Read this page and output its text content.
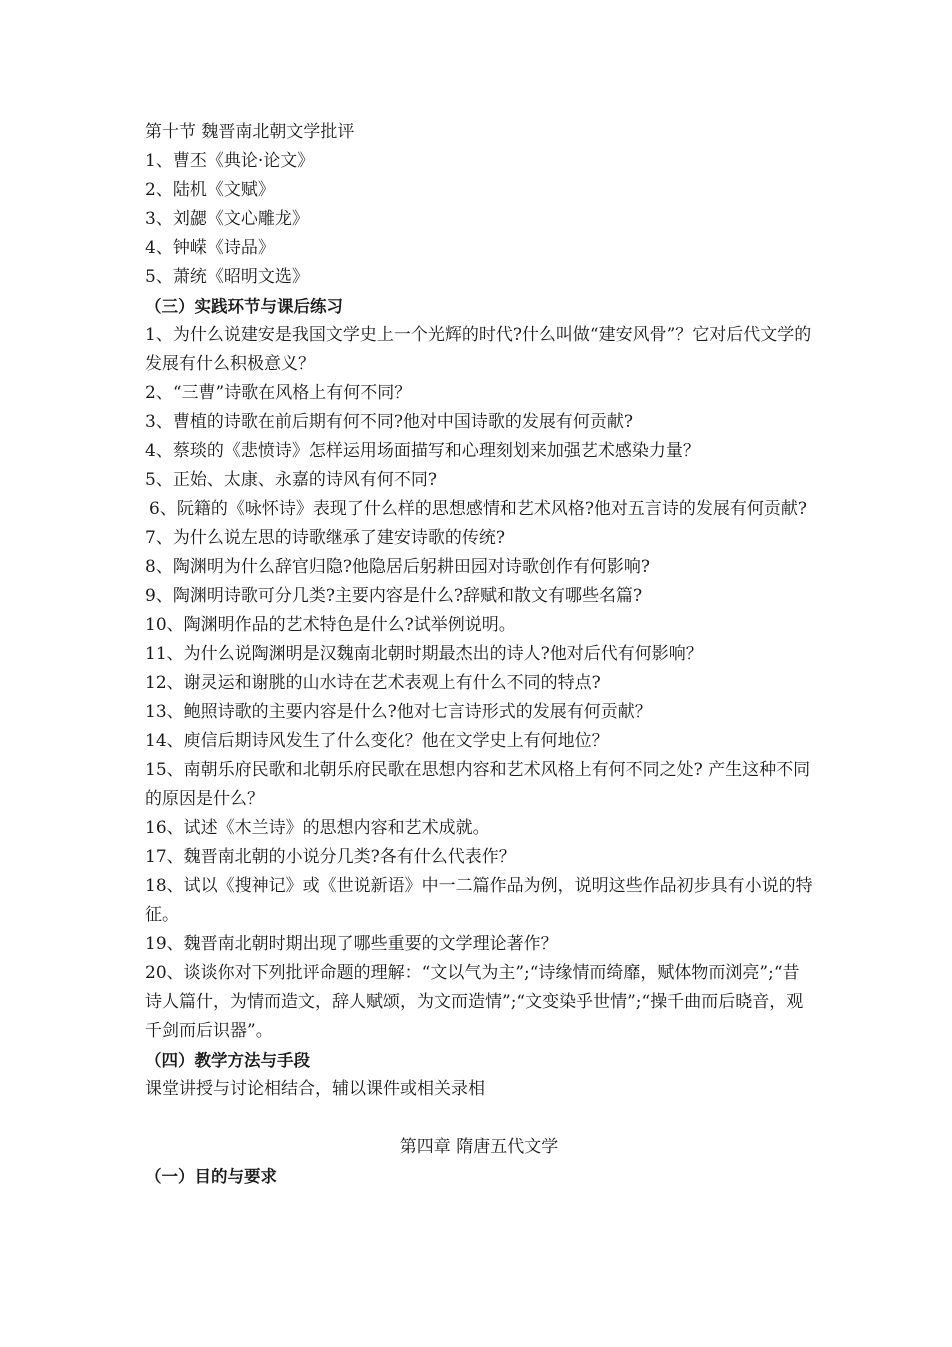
第十节 魏晋南北朝文学批评
1、曹丕《典论·论文》
2、陆机《文赋》
3、刘勰《文心雕龙》
4、钟嵘《诗品》
5、萧统《昭明文选》
（三）实践环节与课后练习
1、为什么说建安是我国文学史上一个光辉的时代?什么叫做“建安风骨”？它对后代文学的发展有什么积极意义？
2、“三曹”诗歌在风格上有何不同？
3、曹植的诗歌在前后期有何不同?他对中国诗歌的发展有何贡献?
4、蔡琰的《悲愤诗》怎样运用场面描写和心理刻划来加强艺术感染力量？
5、正始、太康、永嘉的诗风有何不同?
6、阮籍的《咏怀诗》表现了什么样的思想感情和艺术风格?他对五言诗的发展有何贡献?
7、为什么说左思的诗歌继承了建安诗歌的传统?
8、陶渊明为什么辞官归隐?他隐居后躬耕田园对诗歌创作有何影响?
9、陶渊明诗歌可分几类?主要内容是什么?辞赋和散文有哪些名篇?
10、陶渊明作品的艺术特色是什么?试举例说明。
11、为什么说陶渊明是汉魏南北朝时期最杰出的诗人?他对后代有何影响？
12、谢灵运和谢朓的山水诗在艺术表观上有什么不同的特点?
13、鲍照诗歌的主要内容是什么?他对七言诗形式的发展有何贡献？
14、庾信后期诗风发生了什么变化？他在文学史上有何地位？
15、南朝乐府民歌和北朝乐府民歌在思想内容和艺术风格上有何不同之处? 产生这种不同的原因是什么？
16、试述《木兰诗》的思想内容和艺术成就。
17、魏晋南北朝的小说分几类?各有什么代表作？
18、试以《搜神记》或《世说新语》中一二篇作品为例，说明这些作品初步具有小说的特征。
19、魏晋南北朝时期出现了哪些重要的文学理论著作？
20、谈谈你对下列批评命题的理解：“文以气为主”;“诗缘情而绮靡，赋体物而浏亮”;“昔诗人篇什，为情而造文，辞人赋颂，为文而造情”;“文变染乎世情”;“操千曲而后晓音，观千剑而后识器”。
（四）教学方法与手段
课堂讲授与讨论相结合，辅以课件或相关录相
第四章 隋唐五代文学
（一）目的与要求
